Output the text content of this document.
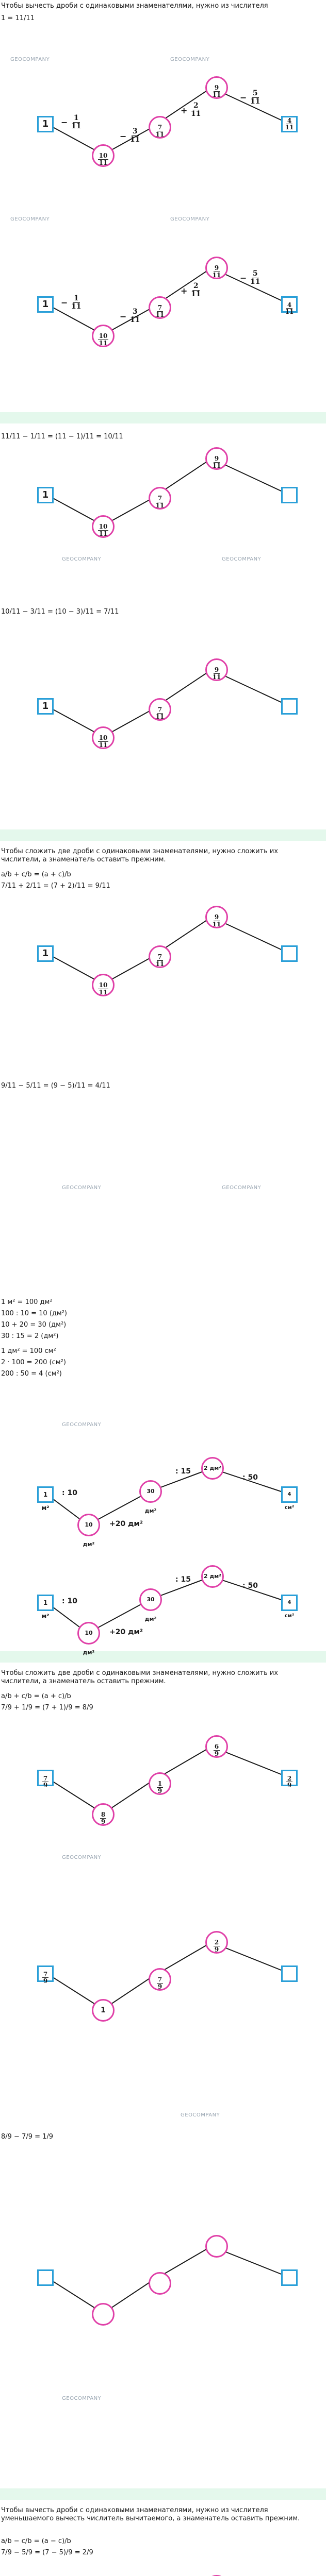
Чтобы вычесть дроби с одинаковыми знаменателями, нужно из числителя
1 = 11/11
1	− $\frac{1}{11}$
$\frac{10}{11}$
− $\frac{3}{11} \frac{7}{11}$
+ $\frac{2}{11}$
$\frac{9}{11} - \frac{5}{11}$
$\frac{4}{11}$
1	− $\frac{1}{11}$
$\frac{10}{11}$
− $\frac{3}{11} \frac{7}{11}$
+ $\frac{2}{11}$
$\frac{9}{11} - \frac{5}{11}$
$\frac{4}{11}$
11/11 − 1/11 = (11 − 1)/11 = 10/11
1
$\frac{10}{11}$
$\frac{7}{11}$
$\frac{9}{11}$
1
$\frac{10}{11}$
$\frac{7}{11}$
$\frac{9}{11}$
10/11 − 3/11 = (10 − 3)/11 = 7/11
Чтобы сложить две дроби с одинаковыми знаменателями, нужно сложить их числители, а знаменатель оставить прежним.
a/b + c/b = (a + c)/b
7/11 + 2/11 = (7 + 2)/11 = 9/11
1
$\frac{10}{11}$
$\frac{7}{11}$
$\frac{9}{11}$
9/11 − 5/11 = (9 − 5)/11 = 4/11
1 м² = 100 дм²
100 : 10 = 10 (дм²)
10 + 20 = 30 (дм²)
30 : 15 = 2 (дм²)
1 дм² = 100 см²
2 · 100 = 200 (см²)
200 : 50 = 4 (см²)
1 м²
: 10
10 дм²
+20 дм²
30 дм²
: 15	2 дм²
: 50
4 см²
1 м²
: 10
10 дм²
+20 дм²
30 дм²
: 15	2 дм²
: 50
4 см²
Чтобы сложить две дроби с одинаковыми знаменателями, нужно сложить их числители, а знаменатель оставить прежним.
a/b + c/b = (a + c)/b
7/9 + 1/9 = (7 + 1)/9 = 8/9
$\frac{7}{9}$
$\frac{8}{9}$
$\frac{1}{9}$
$\frac{6}{9}$
$\frac{2}{9}$
$\frac{7}{9}$
1
$\frac{7}{9}$
$\frac{2}{9}$
8/9 − 7/9 = 1/9
Чтобы вычесть дроби с одинаковыми знаменателями, нужно из числителя уменьшаемого вычесть числитель вычитаемого, а знаменатель оставить прежним.
a/b − c/b = (a − c)/b
7/9 − 5/9 = (7 − 5)/9 = 2/9
GEOCOMPANY	GEOCOMPANY
GEOCOMPANY	GEOCOMPANY
GEOCOMPANY	GEOCOMPANY
GEOCOMPANY	GEOCOMPANY
GEOCOMPANY
GEOCOMPANY
GEOCOMPANY
GEOCOMPANY
